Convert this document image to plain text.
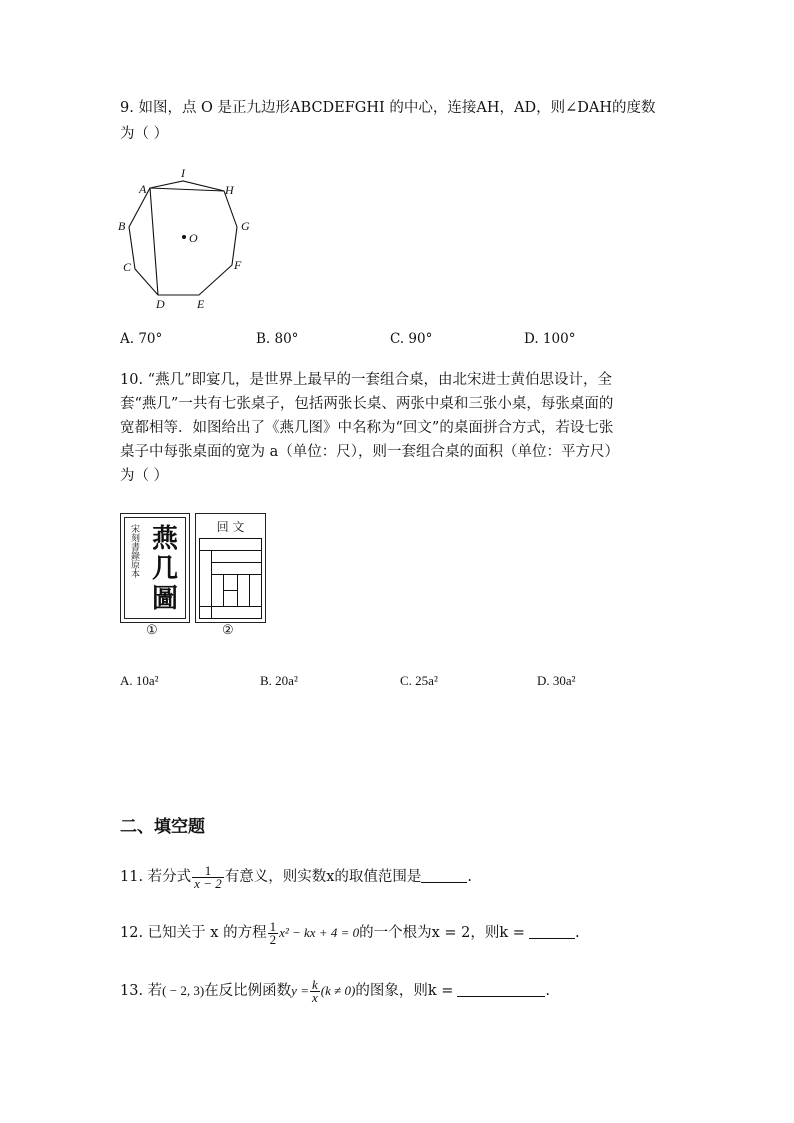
9. 如图，点 O 是正九边形ABCDEFGHI 的中心，连接AH，AD，则∠DAH的度数
为（ ）
A
I
H
G
F
E
D
C
B
O
A. 70°	B. 80°	C. 90°	D. 100°
10. “燕几”即宴几，是世界上最早的一套组合桌，由北宋进士黄伯思设计，全
套“燕几”一共有七张桌子，包括两张长桌、两张中桌和三张小桌，每张桌面的
宽都相等．如图给出了《燕几图》中名称为“回文”的桌面拼合方式，若设七张
桌子中每张桌面的宽为 a（单位：尺），则一套组合桌的面积（单位：平方尺）
为（ ）
宋刻書錄原本 燕
几
圖
①
回 文
②
A. 10a²	B. 20a²	C. 25a²	D. 30a²
二、填空题
11. 若分式 $\frac{1}{x - 2}$ 有意义，则实数x的取值范围是	.
12. 已知关于 x 的方程 $\frac{1}{2} x^2$ − kx + 4 = 0的一个根为x = 2，则k =	.
13. 若( − 2, 3)在反比例函数$y = \frac{k}{x} (k \ne 0)$的图象，则k =	.
